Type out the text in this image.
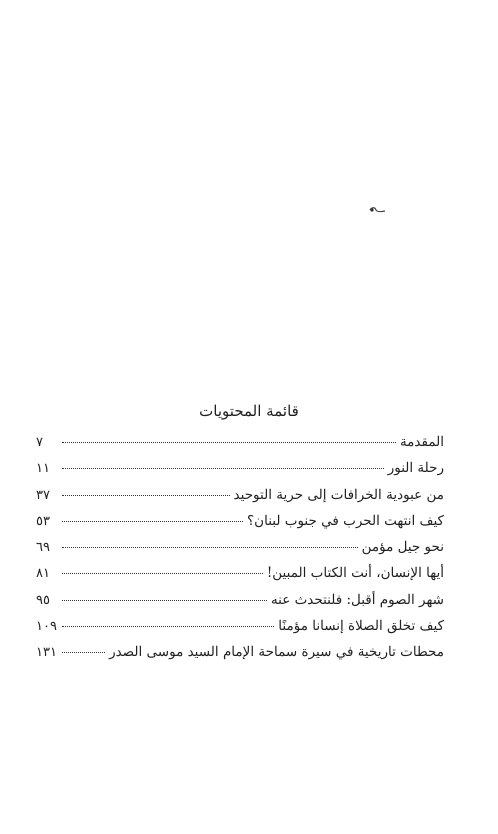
قائمة المحتويات
المقدمة
٧
رحلة النور
١١
من عبودية الخرافات إلى حرية التوحيد
٣٧
كيف انتهت الحرب في جنوب لبنان؟
٥٣
نحو جيل مؤمن
٦٩
أيها الإنسان، أنت الكتاب المبين!
٨١
شهر الصوم أقبل: فلنتحدث عنه
٩٥
كيف تخلق الصلاة إنسانا مؤمنًا
١٠٩
محطات تاريخية في سيرة سماحة الإمام السيد موسى الصدر
١٣١
